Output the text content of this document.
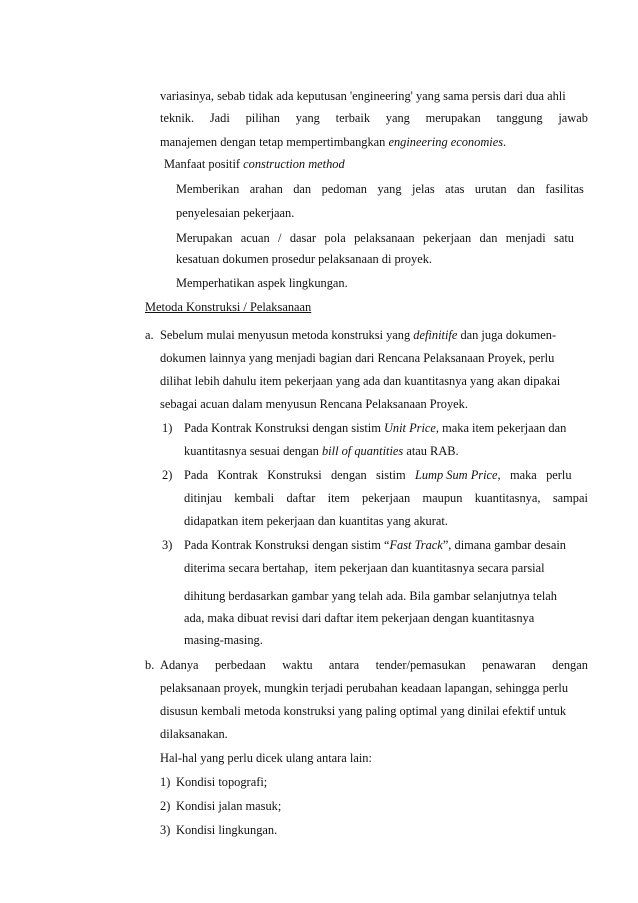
variasinya, sebab tidak ada keputusan 'engineering' yang sama persis dari dua ahli
teknik. Jadi pilihan yang terbaik yang merupakan tanggung jawab
manajemen dengan tetap mempertimbangkan engineering economies.
Manfaat positif construction method
Memberikan arahan dan pedoman yang jelas atas urutan dan fasilitas
penyelesaian pekerjaan.
Merupakan acuan / dasar pola pelaksanaan pekerjaan dan menjadi satu
kesatuan dokumen prosedur pelaksanaan di proyek.
Memperhatikan aspek lingkungan.
Metoda Konstruksi / Pelaksanaan
a. Sebelum mulai menyusun metoda konstruksi yang definitife dan juga dokumen-
dokumen lainnya yang menjadi bagian dari Rencana Pelaksanaan Proyek, perlu
dilihat lebih dahulu item pekerjaan yang ada dan kuantitasnya yang akan dipakai
sebagai acuan dalam menyusun Rencana Pelaksanaan Proyek.
1) Pada Kontrak Konstruksi dengan sistim Unit Price, maka item pekerjaan dan
kuantitasnya sesuai dengan bill of quantities atau RAB.
2) Pada   Kontrak   Konstruksi   dengan   sistim   Lump Sum Price,   maka   perlu
ditinjau kembali daftar item pekerjaan maupun kuantitasnya, sampai
didapatkan item pekerjaan dan kuantitas yang akurat.
3) Pada Kontrak Konstruksi dengan sistim “Fast Track”, dimana gambar desain
diterima secara bertahap,  item pekerjaan dan kuantitasnya secara parsial
dihitung berdasarkan gambar yang telah ada. Bila gambar selanjutnya telah
ada, maka dibuat revisi dari daftar item pekerjaan dengan kuantitasnya
masing-masing.
b. Adanya perbedaan waktu antara tender/pemasukan penawaran dengan
pelaksanaan proyek, mungkin terjadi perubahan keadaan lapangan, sehingga perlu
disusun kembali metoda konstruksi yang paling optimal yang dinilai efektif untuk
dilaksanakan.
Hal-hal yang perlu dicek ulang antara lain:
1) Kondisi topografi;
2) Kondisi jalan masuk;
3) Kondisi lingkungan.
